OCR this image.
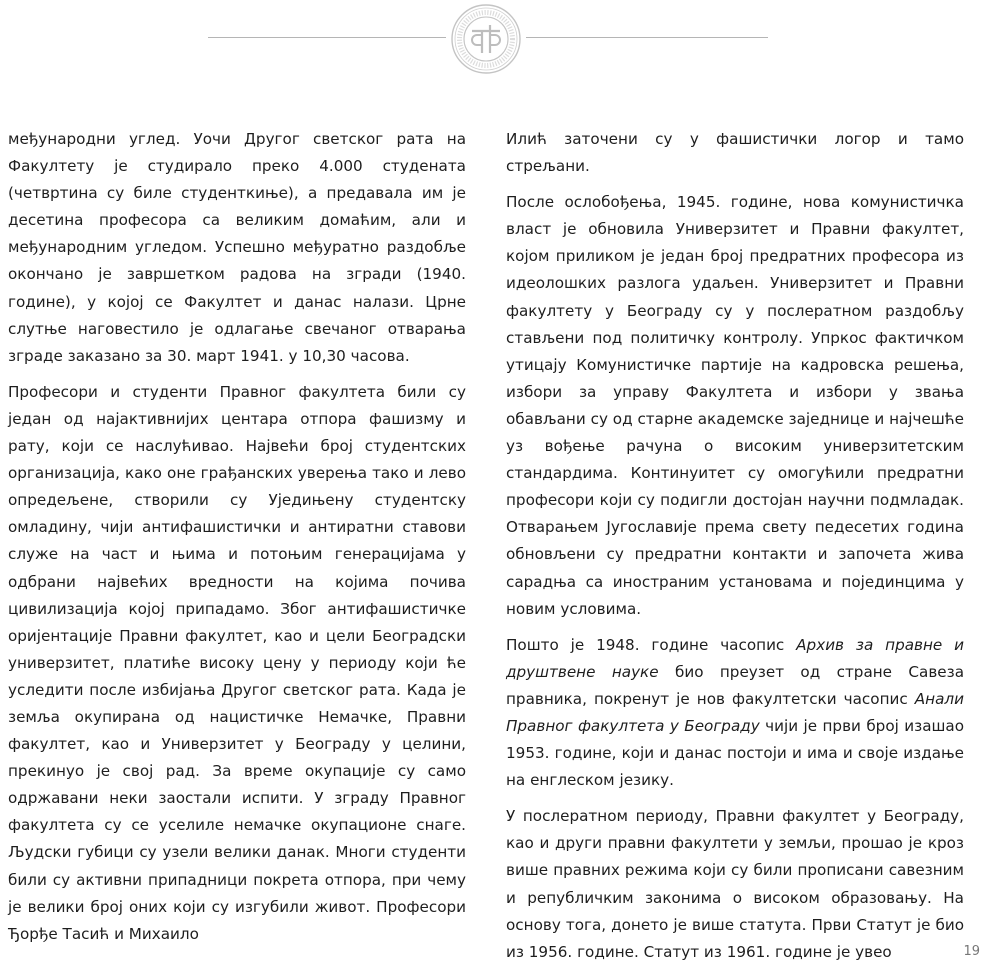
међународни углед. Уочи Другог светског рата на Факултету је студирало преко 4.000 студената (четвртина су биле студенткиње), а предавала им је десетина професора са великим домаћим, али и међународним угледом. Успешно међуратно раздобље окончано је завршетком радова на згради (1940. године), у којој се Факултет и данас налази. Црне слутње наговестило је одлагање свечаног отварања зграде заказано за 30. март 1941. у 10,30 часова.

Професори и студенти Правног факултета били су један од најактивнијих центара отпора фашизму и рату, који се наслућивао. Највећи број студентских организација, како оне грађанских уверења тако и лево опредељене, створили су Уједињену студентску омладину, чији антифашистички и антиратни ставови служе на част и њима и потоњим генерацијама у одбрани највећих вредности на којима почива цивилизација којој припадамо. Због антифашистичке оријентације Правни факултет, као и цели Београдски универзитет, платиће високу цену у периоду који ће уследити после избијања Другог светског рата. Када је земља окупирана од нацистичке Немачке, Правни факултет, као и Универзитет у Београду у целини, прекинуо је свој рад. За време окупације су само одржавани неки заостали испити. У зграду Правног факултета су се уселиле немачке окупационе снаге. Људски губици су узели велики данак. Многи студенти били су активни припадници покрета отпора, при чему је велики број оних који су изгубили живот. Професори Ђорђе Тасић и Михаило

Илић заточени су у фашистички логор и тамо стрељани.

После ослобођења, 1945. године, нова комунистичка власт је обновила Универзитет и Правни факултет, којом приликом је један број предратних професора из идеолошких разлога удаљен. Универзитет и Правни факултету у Београду су у послератном раздобљу стављени под политичку контролу. Упркос фактичком утицају Комунистичке партије на кадровска решења, избори за управу Факултета и избори у звања обављани су од старне академске заједнице и најчешће уз вођење рачуна о високим универзитетским стандардима. Континуитет су омогућили предратни професори који су подигли достојан научни подмладак. Отварањем Југославије према свету педесетих година обновљени су предратни контакти и започета жива сарадња са иностраним установама и појединцима у новим условима.

Пошто је 1948. године часопис Архив за правне и друштвене науке био преузет од стране Савеза правника, покренут је нов факултетски часопис Анали Правног факултета у Београду чији је први број изашао 1953. године, који и данас постоји и има и своје издање на енглеском језику.

У послератном периоду, Правни факултет у Београду, као и други правни факултети у земљи, прошао је кроз више правних режима који су били прописани савезним и републичким законима о високом образовању. На основу тога, донето је више статута. Први Статут је био из 1956. године. Статут из 1961. године је увео	19
